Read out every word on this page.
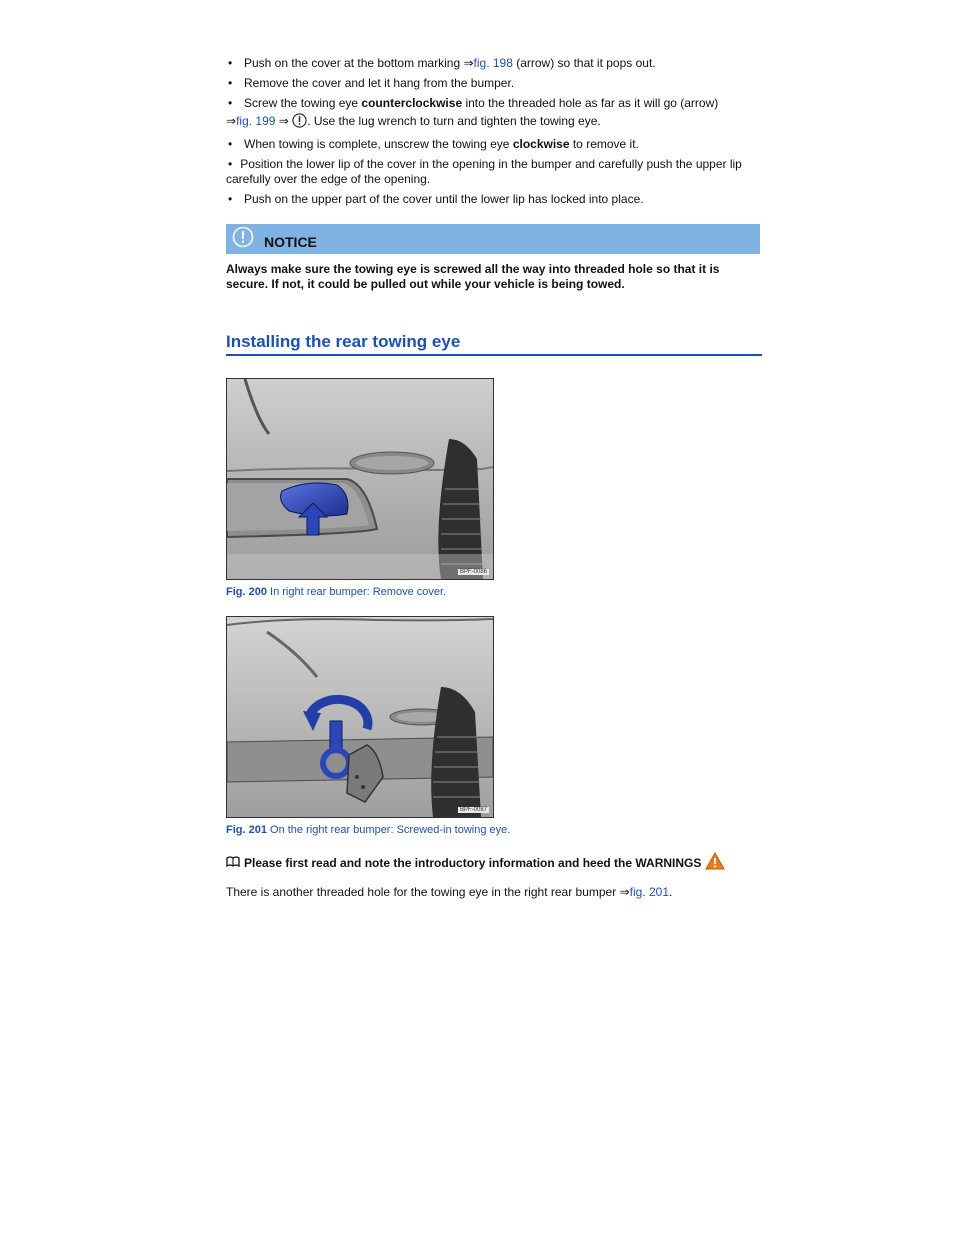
• Push on the cover at the bottom marking ⇒fig. 198 (arrow) so that it pops out.
• Remove the cover and let it hang from the bumper.
• Screw the towing eye counterclockwise into the threaded hole as far as it will go (arrow)
⇒fig. 199 ⇒ . Use the lug wrench to turn and tighten the towing eye.
• When towing is complete, unscrew the towing eye clockwise to remove it.
• Position the lower lip of the cover in the opening in the bumper and carefully push the upper lip carefully over the edge of the opening.
• Push on the upper part of the cover until the lower lip has locked into place.
NOTICE
Always make sure the towing eye is screwed all the way into threaded hole so that it is secure. If not, it could be pulled out while your vehicle is being towed.
Installing the rear towing eye
BPF-0086
Fig. 200 In right rear bumper: Remove cover.
BPF-0087
Fig. 201 On the right rear bumper: Screwed-in towing eye.
Please first read and note the introductory information and heed the WARNINGS
There is another threaded hole for the towing eye in the right rear bumper ⇒fig. 201.
